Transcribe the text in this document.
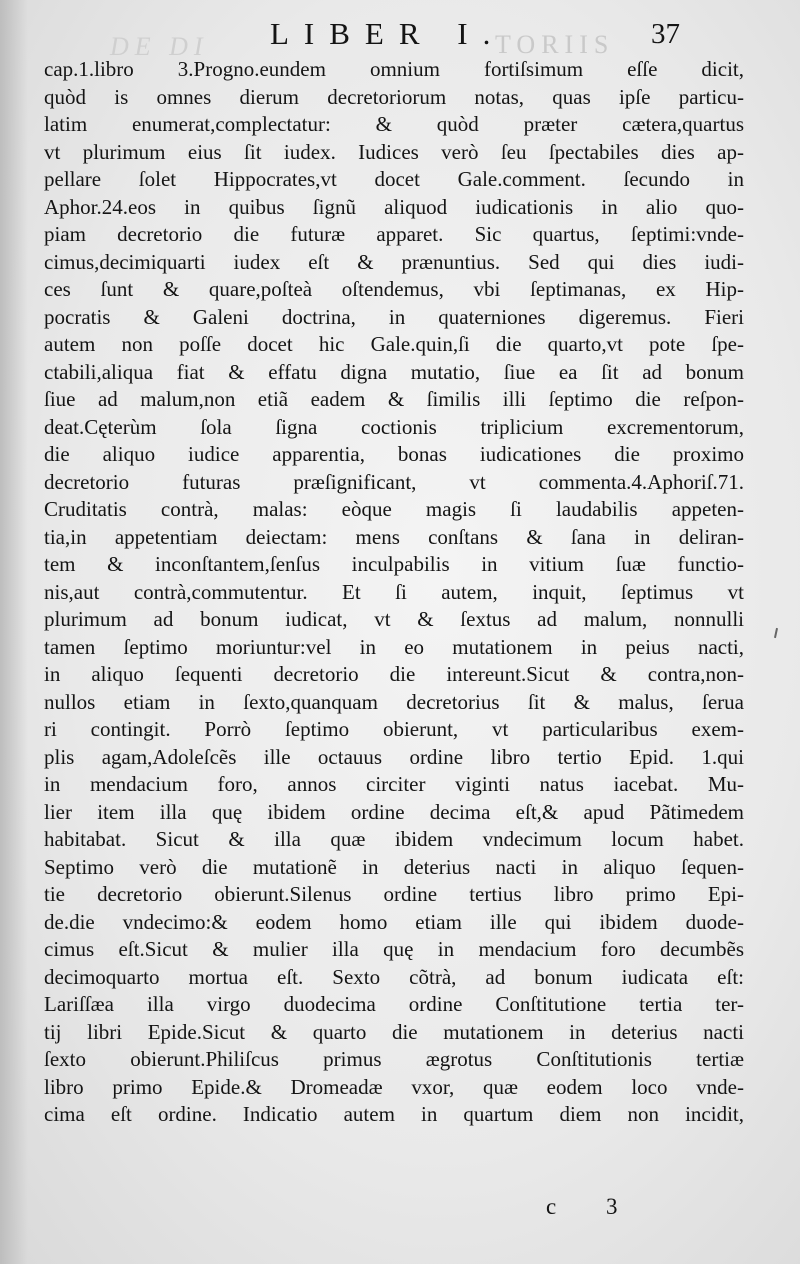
DE DI	TORIIS
LIBER I.	37
cap.1.libro 3.Progno.eundem omnium fortiſsimum eſſe dicit,
quòd is omnes dierum decretoriorum notas, quas ipſe particu-
latim enumerat,complectatur: & quòd præter cætera,quartus
vt plurimum eius ſit iudex. Iudices verò ſeu ſpectabiles dies ap-
pellare ſolet Hippocrates,vt docet Gale.comment. ſecundo in
Aphor.24.eos in quibus ſignũ aliquod iudicationis in alio quo-
piam decretorio die futuræ apparet. Sic quartus, ſeptimi:vnde-
cimus,decimiquarti iudex eſt & prænuntius. Sed qui dies iudi-
ces ſunt & quare,poſteà oſtendemus, vbi ſeptimanas, ex Hip-
pocratis & Galeni doctrina, in quaterniones digeremus. Fieri
autem non poſſe docet hic Gale.quin,ſi die quarto,vt pote ſpe-
ctabili,aliqua fiat & effatu digna mutatio, ſiue ea ſit ad bonum
ſiue ad malum,non etiã eadem & ſimilis illi ſeptimo die reſpon-
deat.Cęterùm ſola ſigna coctionis triplicium excrementorum,
die aliquo iudice apparentia, bonas iudicationes die proximo
decretorio futuras præſignificant, vt commenta.4.Aphoriſ.71.
Cruditatis contrà, malas: eòque magis ſi laudabilis appeten-
tia,in appetentiam deiectam: mens conſtans & ſana in deliran-
tem & inconſtantem,ſenſus inculpabilis in vitium ſuæ functio-
nis,aut contrà,commutentur. Et ſi autem, inquit, ſeptimus vt
plurimum ad bonum iudicat, vt & ſextus ad malum, nonnulli
tamen ſeptimo moriuntur:vel in eo mutationem in peius nacti,
in aliquo ſequenti decretorio die intereunt.Sicut & contra,non-
nullos etiam in ſexto,quanquam decretorius ſit & malus, ſerua
ri contingit. Porrò ſeptimo obierunt, vt particularibus exem-
plis agam,Adoleſcẽs ille octauus ordine libro tertio Epid. 1.qui
in mendacium foro, annos circiter viginti natus iacebat. Mu-
lier item illa quę ibidem ordine decima eſt,& apud Pãtimedem
habitabat. Sicut & illa quæ ibidem vndecimum locum habet.
Septimo verò die mutationẽ in deterius nacti in aliquo ſequen-
tie decretorio obierunt.Silenus ordine tertius libro primo Epi-
de.die vndecimo:& eodem homo etiam ille qui ibidem duode-
cimus eſt.Sicut & mulier illa quę in mendacium foro decumbẽs
decimoquarto mortua eſt. Sexto cõtrà, ad bonum iudicata eſt:
Lariſſæa illa virgo duodecima ordine Conſtitutione tertia ter-
tij libri Epide.Sicut & quarto die mutationem in deterius nacti
ſexto obierunt.Philiſcus primus ægrotus Conſtitutionis tertiæ
libro primo Epide.& Dromeadæ vxor, quæ eodem loco vnde-
cima eſt ordine. Indicatio autem in quartum diem non incidit,
c 3
